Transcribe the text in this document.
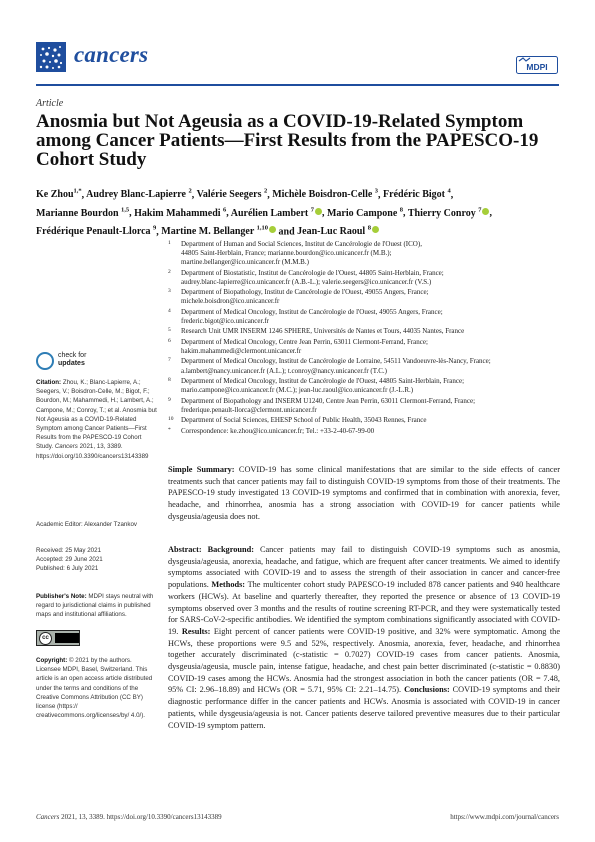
cancers	MDPI
Article
Anosmia but Not Ageusia as a COVID-19-Related Symptom among Cancer Patients—First Results from the PAPESCO-19 Cohort Study
Ke Zhou$^{1,*}$, Audrey Blanc-Lapierre $^2$, Valérie Seegers $^2$, Michèle Boisdron-Celle $^3$, Frédéric Bigot $^4$,
Marianne Bourdon $^{1,5}$, Hakim Mahammedi $^6$, Aurélien Lambert $^7$ , Mario Campone $^8$, Thierry Conroy $^7$ ,
Frédérique Penault-Llorca $^9$, Martine M. Bellanger $^{1,10}$ and Jean-Luc Raoul $^8$
1	Department of Human and Social Sciences, Institut de Cancérologie de l'Ouest (ICO),
44805 Saint-Herblain, France; marianne.bourdon@ico.unicancer.fr (M.B.);
martine.bellanger@ico.unicancer.fr (M.M.B.)
2	Department of Biostatistic, Institut de Cancérologie de l'Ouest, 44805 Saint-Herblain, France;
audrey.blanc-lapierre@ico.unicancer.fr (A.B.-L.); valerie.seegers@ico.unicancer.fr (V.S.)
3	Department of Biopathology, Institut de Cancérologie de l'Ouest, 49055 Angers, France;
michele.boisdron@ico.unicancer.fr
4	Department of Medical Oncology, Institut de Cancérologie de l'Ouest, 49055 Angers, France;
frederic.bigot@ico.unicancer.fr
5	Research Unit UMR INSERM 1246 SPHERE, Universités de Nantes et Tours, 44035 Nantes, France
6	Department of Medical Oncology, Centre Jean Perrin, 63011 Clermont-Ferrand, France;
hakim.mahammedi@clermont.unicancer.fr
7	Department of Medical Oncology, Institut de Cancérologie de Lorraine, 54511 Vandoeuvre-lès-Nancy, France;
a.lambert@nancy.unicancer.fr (A.L.); t.conroy@nancy.unicancer.fr (T.C.)
8	Department of Medical Oncology, Institut de Cancérologie de l'Ouest, 44805 Saint-Herblain, France;
mario.campone@ico.unicancer.fr (M.C.); jean-luc.raoul@ico.unicancer.fr (J.-L.R.)
9	Department of Biopathology and INSERM U1240, Centre Jean Perrin, 63011 Clermont-Ferrand, France;
frederique.penault-llorca@clermont.unicancer.fr
10	Department of Social Sciences, EHESP School of Public Health, 35043 Rennes, France
*	Correspondence: ke.zhou@ico.unicancer.fr; Tel.: +33-2-40-67-99-00
check for
updates
Citation: Zhou, K.; Blanc-Lapierre, A.; Seegers, V.; Boisdron-Celle, M.; Bigot, F.; Bourdon, M.; Mahammedi, H.; Lambert, A.; Campone, M.; Conroy, T.; et al. Anosmia but Not Ageusia as a COVID-19-Related Symptom among Cancer Patients—First Results from the PAPESCO-19 Cohort Study. Cancers 2021, 13, 3389. https://doi.org/10.3390/cancers13143389
Academic Editor: Alexander Tzankov
Received: 25 May 2021
Accepted: 29 June 2021
Published: 6 July 2021
Publisher's Note: MDPI stays neutral with regard to jurisdictional claims in published maps and institutional affiliations.
cc
Copyright: © 2021 by the authors. Licensee MDPI, Basel, Switzerland. This article is an open access article distributed under the terms and conditions of the Creative Commons Attribution (CC BY) license (https:// creativecommons.org/licenses/by/ 4.0/).
Simple Summary: COVID-19 has some clinical manifestations that are similar to the side effects of cancer treatments such that cancer patients may fail to distinguish COVID-19 symptoms from those of their treatments. The PAPESCO-19 study investigated 13 COVID-19 symptoms and confirmed that in combination with anorexia, fever, headache, and rhinorrhea, anosmia has a strong association with COVID-19 for cancer patients while dysgeusia/ageusia does not.
Abstract: Background: Cancer patients may fail to distinguish COVID-19 symptoms such as anosmia, dysgeusia/ageusia, anorexia, headache, and fatigue, which are frequent after cancer treatments. We aimed to identify symptoms associated with COVID-19 and to assess the strength of their association in cancer and cancer-free populations. Methods: The multicenter cohort study PAPESCO-19 included 878 cancer patients and 940 healthcare workers (HCWs). At baseline and quarterly thereafter, they reported the presence or absence of 13 COVID-19 symptoms observed over 3 months and the results of routine screening RT-PCR, and they were systematically tested for SARS-CoV-2-specific antibodies. We identified the symptom combinations significantly associated with COVID-19. Results: Eight percent of cancer patients were COVID-19 positive, and 32% were symptomatic. Among the HCWs, these proportions were 9.5 and 52%, respectively. Anosmia, anorexia, fever, headache, and rhinorrhea together accurately discriminated (c-statistic = 0.7027) COVID-19 cases from cancer patients. Anosmia, dysgeusia/ageusia, muscle pain, intense fatigue, headache, and chest pain better discriminated (c-statistic = 0.8830) COVID-19 cases among the HCWs. Anosmia had the strongest association in both the cancer patients (OR = 7.48, 95% CI: 2.96–18.89) and HCWs (OR = 5.71, 95% CI: 2.21–14.75). Conclusions: COVID-19 symptoms and their diagnostic performance differ in the cancer patients and HCWs. Anosmia is associated with COVID-19 in cancer patients, while dysgeusia/ageusia is not. Cancer patients deserve tailored preventive measures due to their particular COVID-19 symptom pattern.
Cancers 2021, 13, 3389. https://doi.org/10.3390/cancers13143389	https://www.mdpi.com/journal/cancers
